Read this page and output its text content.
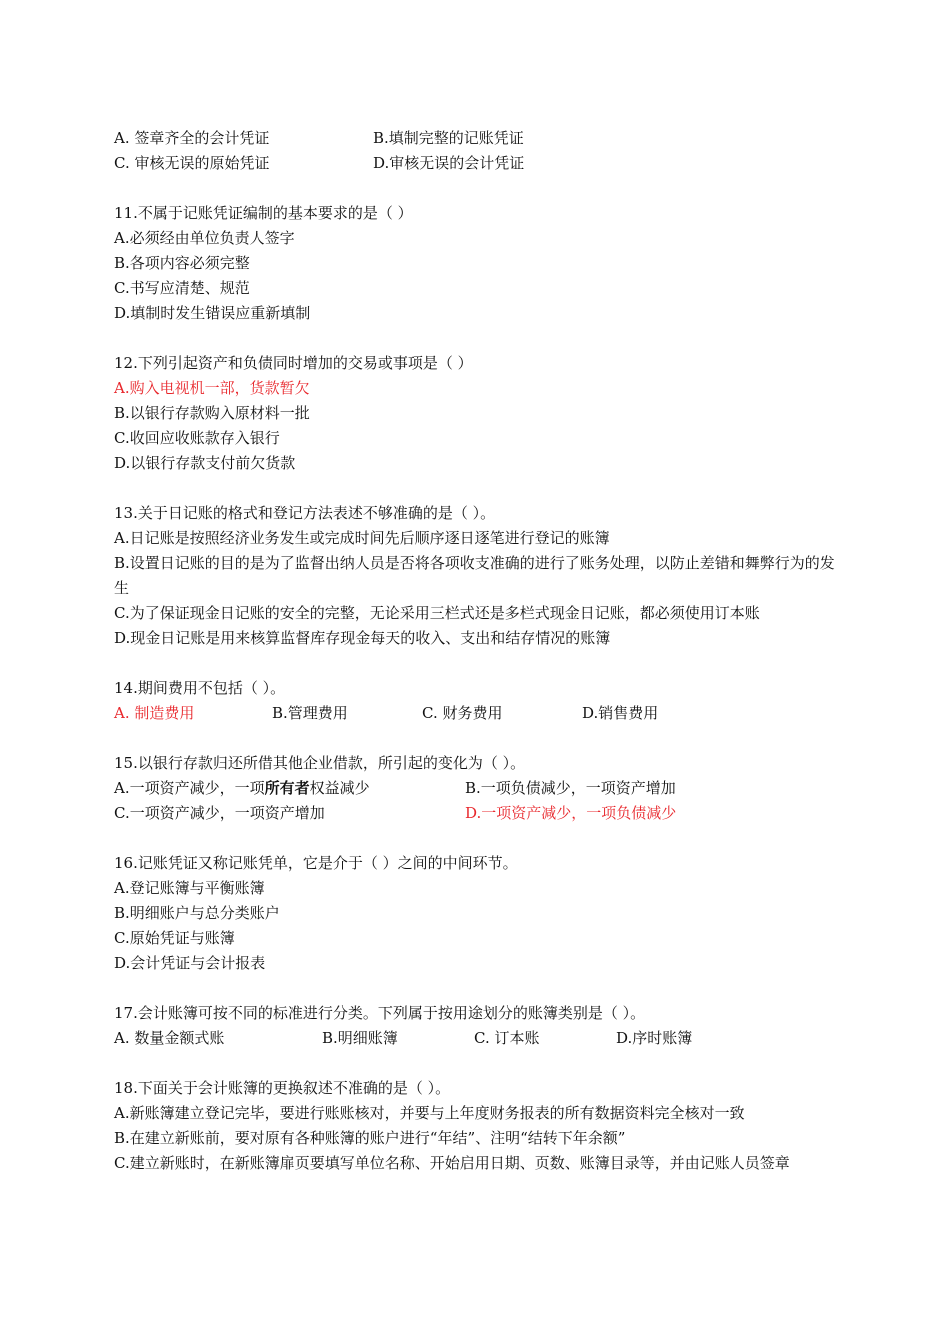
A. 签章齐全的会计凭证	B.填制完整的记账凭证
C. 审核无误的原始凭证	D.审核无误的会计凭证
11.不属于记账凭证编制的基本要求的是（ ）
A.必须经由单位负责人签字
B.各项内容必须完整
C.书写应清楚、规范
D.填制时发生错误应重新填制
12.下列引起资产和负债同时增加的交易或事项是（ ）
A.购入电视机一部，货款暂欠
B.以银行存款购入原材料一批
C.收回应收账款存入银行
D.以银行存款支付前欠货款
13.关于日记账的格式和登记方法表述不够准确的是（ ）。
A.日记账是按照经济业务发生或完成时间先后顺序逐日逐笔进行登记的账簿
B.设置日记账的目的是为了监督出纳人员是否将各项收支准确的进行了账务处理，以防止差错和舞弊行为的发生
C.为了保证现金日记账的安全的完整，无论采用三栏式还是多栏式现金日记账，都必须使用订本账
D.现金日记账是用来核算监督库存现金每天的收入、支出和结存情况的账簿
14.期间费用不包括（ ）。
A. 制造费用	B.管理费用	C. 财务费用	D.销售费用
15.以银行存款归还所借其他企业借款，所引起的变化为（ ）。
A.一项资产减少，一项所有者权益减少	B.一项负债减少，一项资产增加
C.一项资产减少，一项资产增加	D.一项资产减少，一项负债减少
16.记账凭证又称记账凭单，它是介于（ ）之间的中间环节。
A.登记账簿与平衡账簿
B.明细账户与总分类账户
C.原始凭证与账簿
D.会计凭证与会计报表
17.会计账簿可按不同的标准进行分类。下列属于按用途划分的账簿类别是（ ）。
A. 数量金额式账	B.明细账簿	C. 订本账	D.序时账簿
18.下面关于会计账簿的更换叙述不准确的是（ ）。
A.新账簿建立登记完毕，要进行账账核对，并要与上年度财务报表的所有数据资料完全核对一致
B.在建立新账前，要对原有各种账簿的账户进行“年结”、注明“结转下年余额”
C.建立新账时，在新账簿扉页要填写单位名称、开始启用日期、页数、账簿目录等，并由记账人员签章
